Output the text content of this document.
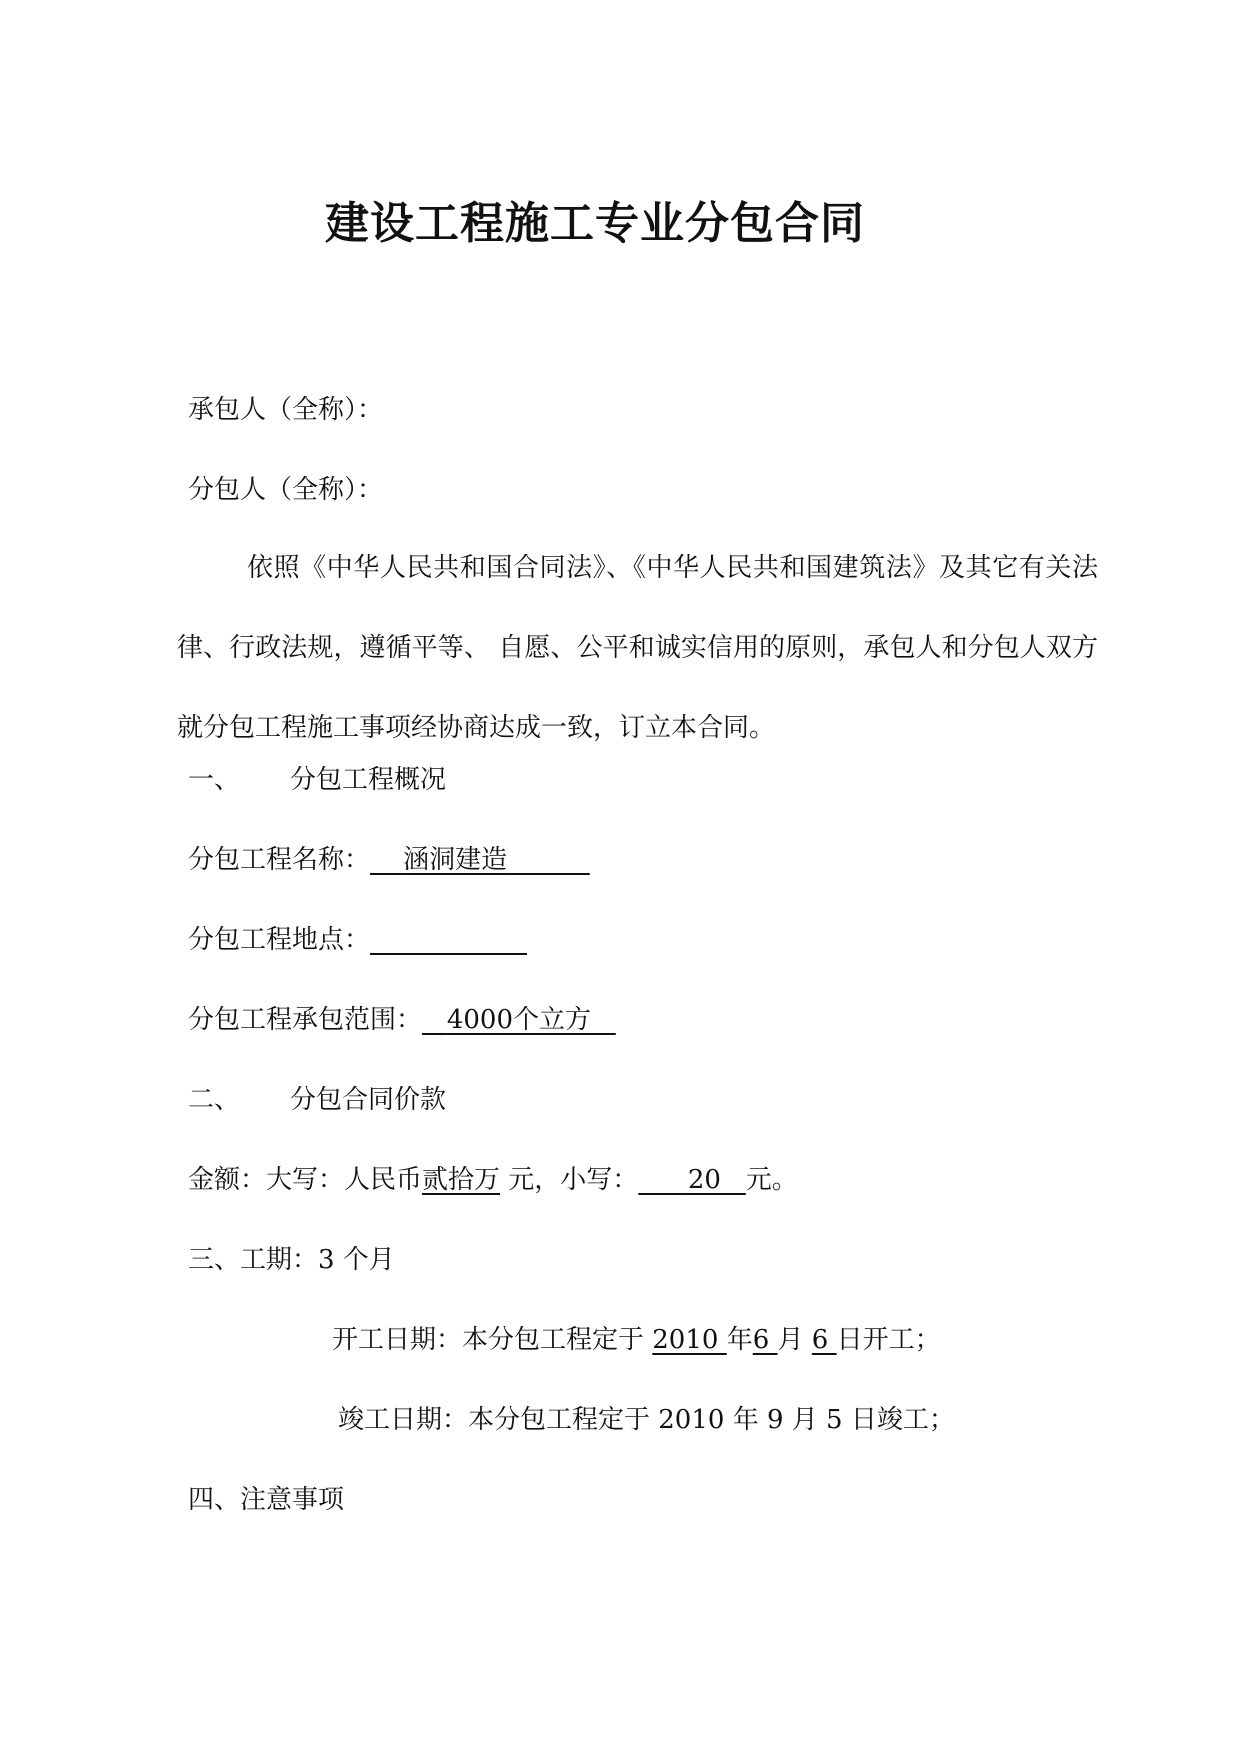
建设工程施工专业分包合同
承包人（全称）：
分包人（全称）：
依照《中华人民共和国合同法》、《中华人民共和国建筑法》及其它有关法律、行政法规，遵循平等、 自愿、公平和诚实信用的原则，承包人和分包人双方就分包工程施工事项经协商达成一致，订立本合同。
一、 分包工程概况
分包工程名称： 涵洞建造
分包工程地点：
分包工程承包范围： 4000个立方
二、 分包合同价款
金额：大写：人民币贰拾万 元，小写： 20 元。
三、工期：3 个月
开工日期：本分包工程定于 2010 年6 月 6 日开工；
竣工日期：本分包工程定于 2010 年 9 月 5 日竣工；
四、注意事项
